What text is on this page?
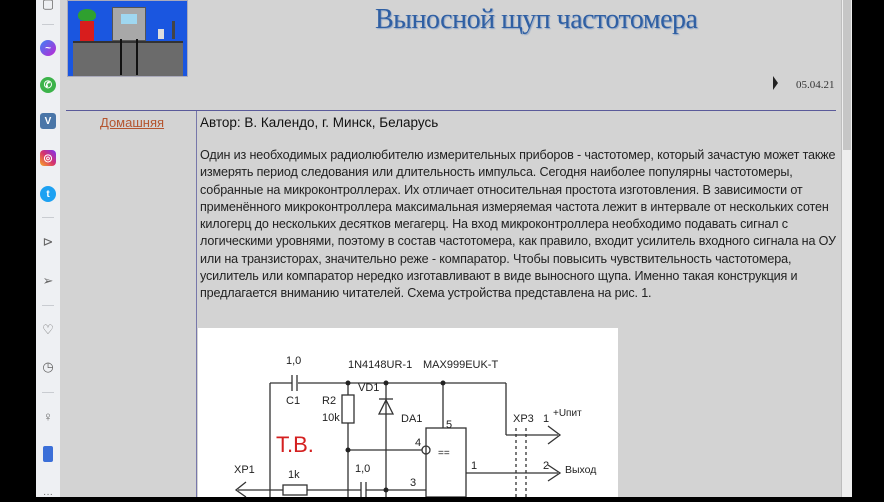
▢
~
✆
V
◎
t
⊳
➢
♡
◷
♀
···
Выносной щуп частотомера
05.04.21
Домашняя	Автор: В. Календо, г. Минск, Беларусь
Один из необходимых радиолюбителю измерительных приборов - частотомер, который зачастую может также измерять период следования или длительность импульса. Сегодня наиболее популярны частотомеры, собранные на микроконтроллерах. Их отличает относительная простота изготовления. В зависимости от применённого микроконтроллера максимальная измеряемая частота лежит в интервале от нескольких сотен килогерц до нескольких десятков мегагерц. На вход микроконтроллера необходимо подавать сигнал с логическими уровнями, поэтому в состав частотомера, как правило, входит усилитель входного сигнала на ОУ или на транзисторах, значительно реже - компаратор. Чтобы повысить чувствительность частотомера, усилитель или компаратор нередко изготавливают в виде выносного щупа. Именно такая конструкция и предлагается вниманию читателей. Схема устройства представлена на рис. 1.
1,0
C1
1N4148UR-1 MAX999EUK-T
VD1
R2
10k	DA1 5
4
3
1
==
XP3 1
2
+Uпит
Выход
XP1	1k	1,0
Т.В.
